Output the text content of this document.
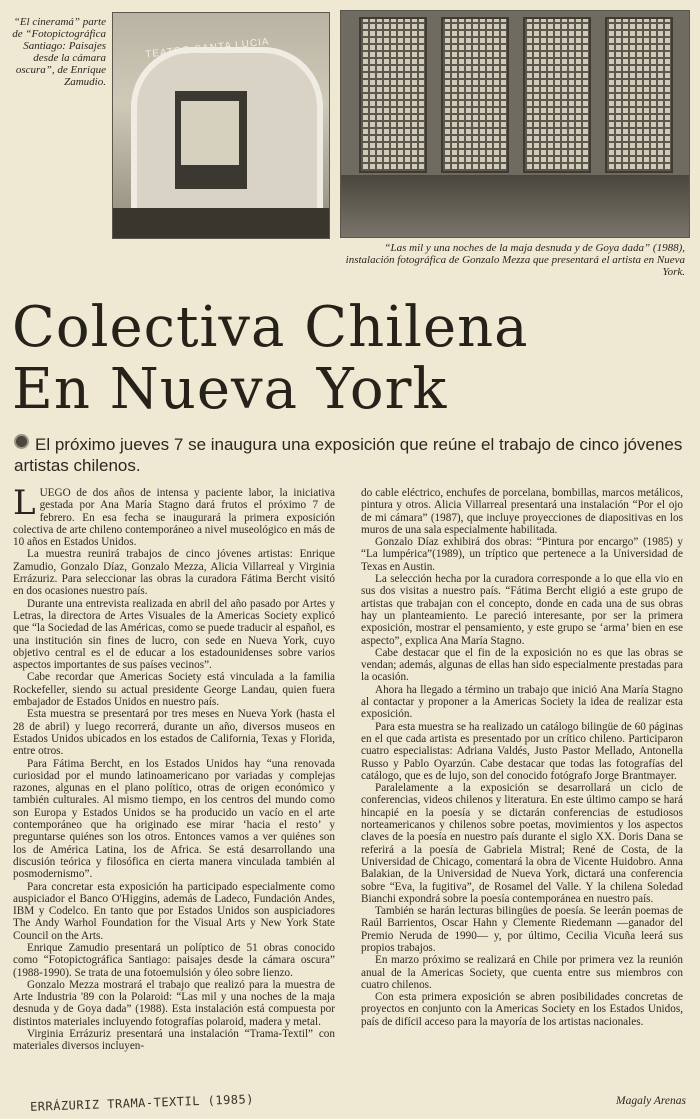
“El cineramá” parte de “Fotopictográfica Santiago: Paisajes desde la cámara oscura”, de Enrique Zamudio.
TEATRO SANTA LUCIA
“Las mil y una noches de la maja desnuda y de Goya dada” (1988), instalación fotográfica de Gonzalo Mezza que presentará el artista en Nueva York.
Colectiva Chilena
En Nueva York
El próximo jueves 7 se inaugura una exposición que reúne el trabajo de cinco jóvenes artistas chilenos.

LUEGO de dos años de intensa y paciente labor, la iniciativa gestada por Ana María Stagno dará frutos el próximo 7 de febrero. En esa fecha se inaugurará la primera exposición colectiva de arte chileno contemporáneo a nivel museológico en más de 10 años en Estados Unidos.

La muestra reunirá trabajos de cinco jóvenes artistas: Enrique Zamudio, Gonzalo Díaz, Gonzalo Mezza, Alicia Villarreal y Virginia Errázuriz. Para seleccionar las obras la curadora Fátima Bercht visitó en dos ocasiones nuestro país.

Durante una entrevista realizada en abril del año pasado por Artes y Letras, la directora de Artes Visuales de la Americas Society explicó que “la Sociedad de las Américas, como se puede traducir al español, es una institución sin fines de lucro, con sede en Nueva York, cuyo objetivo central es el de educar a los estadounidenses sobre varios aspectos importantes de sus países vecinos”.

Cabe recordar que Americas Society está vinculada a la familia Rockefeller, siendo su actual presidente George Landau, quien fuera embajador de Estados Unidos en nuestro país.

Esta muestra se presentará por tres meses en Nueva York (hasta el 28 de abril) y luego recorrerá, durante un año, diversos museos en Estados Unidos ubicados en los estados de California, Texas y Florida, entre otros.

Para Fátima Bercht, en los Estados Unidos hay “una renovada curiosidad por el mundo latinoamericano por variadas y complejas razones, algunas en el plano político, otras de origen económico y también culturales. Al mismo tiempo, en los centros del mundo como son Europa y Estados Unidos se ha producido un vacío en el arte contemporáneo que ha originado ese mirar ‘hacia el resto’ y preguntarse quiénes son los otros. Entonces vamos a ver quiénes son los de América Latina, los de Africa. Se está desarrollando una discusión teórica y filosófica en cierta manera vinculada también al posmodernismo”.

Para concretar esta exposición ha participado especialmente como auspiciador el Banco O'Higgins, además de Ladeco, Fundación Andes, IBM y Codelco. En tanto que por Estados Unidos son auspiciadores The Andy Warhol Foundation for the Visual Arts y New York State Council on the Arts.

Enrique Zamudio presentará un políptico de 51 obras conocido como “Fotopictográfica Santiago: paisajes desde la cámara oscura” (1988-1990). Se trata de una fotoemulsión y óleo sobre lienzo.

Gonzalo Mezza mostrará el trabajo que realizó para la muestra de Arte Industria '89 con la Polaroid: “Las mil y una noches de la maja desnuda y de Goya dada” (1988). Esta instalación está compuesta por distintos materiales incluyendo fotografías polaroid, madera y metal.

Virginia Errázuriz presentará una instalación “Trama-Textil” con materiales diversos incluyen-

do cable eléctrico, enchufes de porcelana, bombillas, marcos metálicos, pintura y otros. Alicia Villarreal presentará una instalación “Por el ojo de mi cámara” (1987), que incluye proyecciones de diapositivas en los muros de una sala especialmente habilitada.

Gonzalo Díaz exhibirá dos obras: “Pintura por encargo” (1985) y “La lumpérica”(1989), un tríptico que pertenece a la Universidad de Texas en Austin.

La selección hecha por la curadora corresponde a lo que ella vio en sus dos visitas a nuestro país. “Fátima Bercht eligió a este grupo de artistas que trabajan con el concepto, donde en cada una de sus obras hay un planteamiento. Le pareció interesante, por ser la primera exposición, mostrar el pensamiento, y este grupo se ‘arma’ bien en ese aspecto”, explica Ana María Stagno.

Cabe destacar que el fin de la exposición no es que las obras se vendan; además, algunas de ellas han sido especialmente prestadas para la ocasión.

Ahora ha llegado a término un trabajo que inició Ana María Stagno al contactar y proponer a la Americas Society la idea de realizar esta exposición.

Para esta muestra se ha realizado un catálogo bilingüe de 60 páginas en el que cada artista es presentado por un crítico chileno. Participaron cuatro especialistas: Adriana Valdés, Justo Pastor Mellado, Antonella Russo y Pablo Oyarzún. Cabe destacar que todas las fotografías del catálogo, que es de lujo, son del conocido fotógrafo Jorge Brantmayer.

Paralelamente a la exposición se desarrollará un ciclo de conferencias, videos chilenos y literatura. En este último campo se hará hincapié en la poesía y se dictarán conferencias de estudiosos norteamericanos y chilenos sobre poetas, movimientos y los aspectos claves de la poesía en nuestro país durante el siglo XX. Doris Dana se referirá a la poesía de Gabriela Mistral; René de Costa, de la Universidad de Chicago, comentará la obra de Vicente Huidobro. Anna Balakian, de la Universidad de Nueva York, dictará una conferencia sobre “Eva, la fugitiva”, de Rosamel del Valle. Y la chilena Soledad Bianchi expondrá sobre la poesía contemporánea en nuestro país.

También se harán lecturas bilingües de poesía. Se leerán poemas de Raúl Barrientos, Oscar Hahn y Clemente Riedemann —ganador del Premio Neruda de 1990— y, por último, Cecilia Vicuña leerá sus propios trabajos.

En marzo próximo se realizará en Chile por primera vez la reunión anual de la Americas Society, que cuenta entre sus miembros con cuatro chilenos.

Con esta primera exposición se abren posibilidades concretas de proyectos en conjunto con la Americas Society en los Estados Unidos, país de difícil acceso para la mayoría de los artistas nacionales.

ERRÁZURIZ TRAMA-TEXTIL (1985)	Magaly Arenas
